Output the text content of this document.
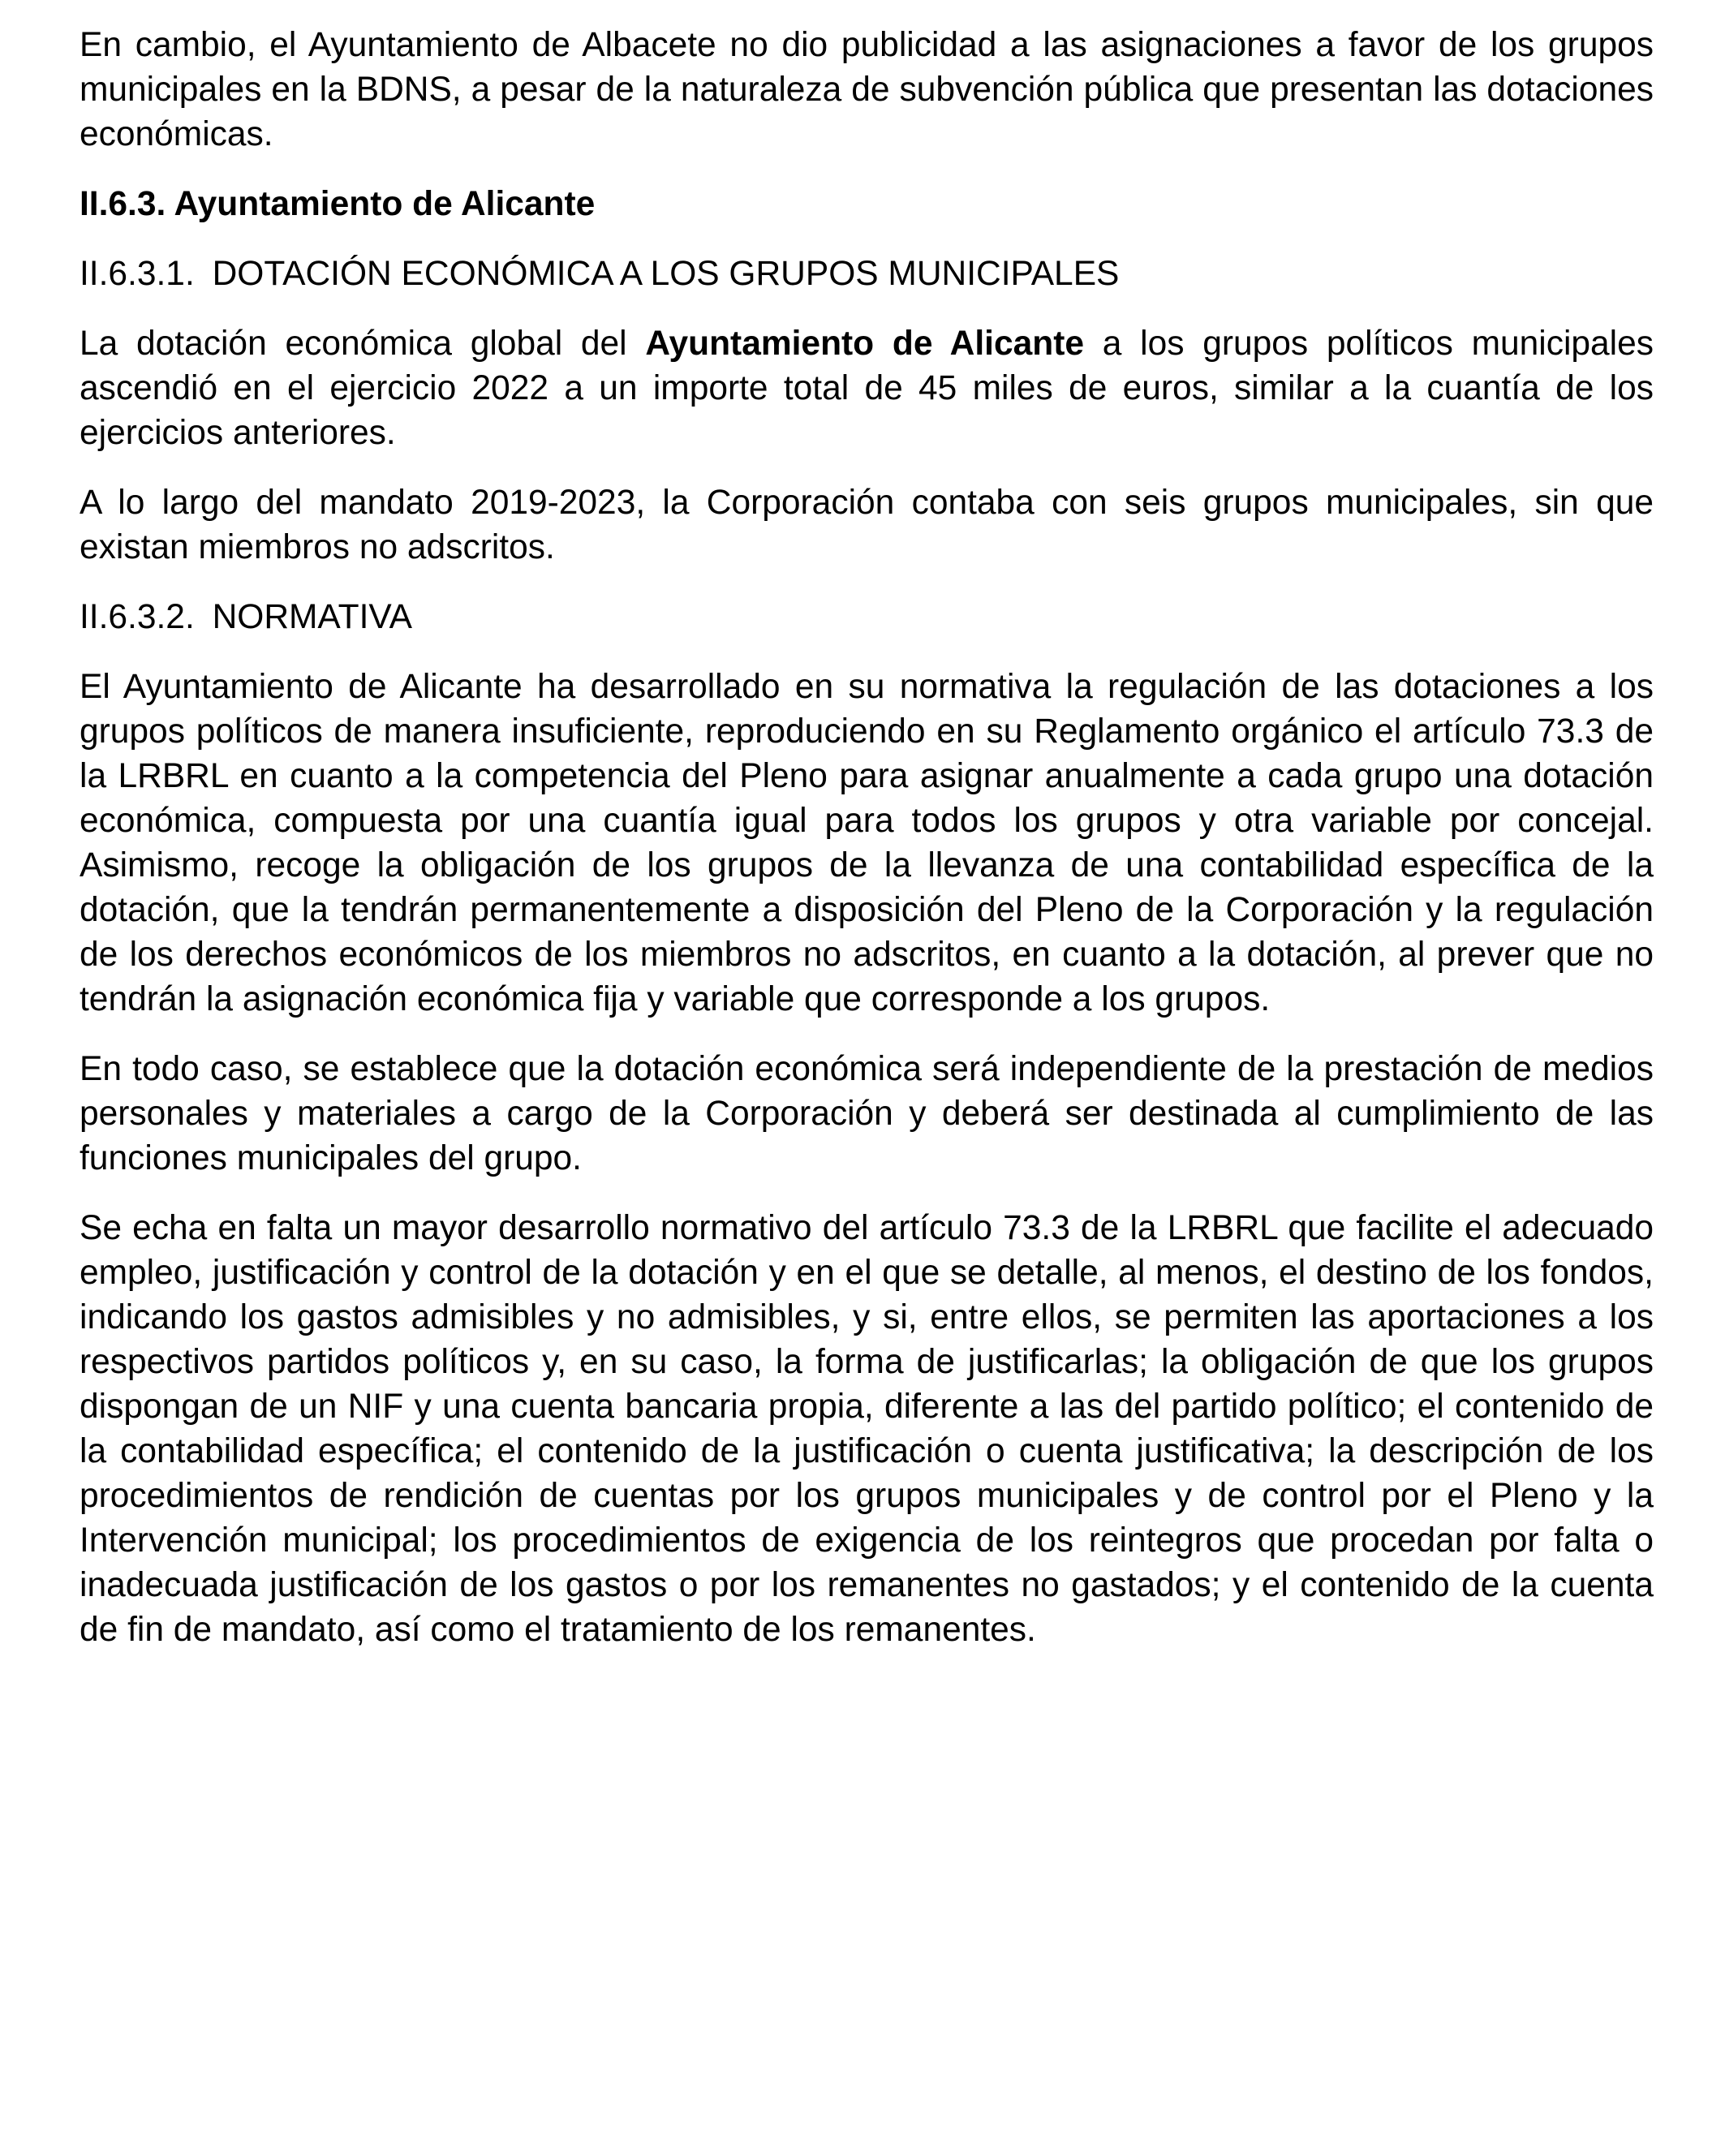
En cambio, el Ayuntamiento de Albacete no dio publicidad a las asignaciones a favor de los grupos municipales en la BDNS, a pesar de la naturaleza de subvención pública que presentan las dotaciones económicas.

II.6.3. Ayuntamiento de Alicante
II.6.3.1. DOTACIÓN ECONÓMICA A LOS GRUPOS MUNICIPALES

La dotación económica global del Ayuntamiento de Alicante a los grupos políticos municipales ascendió en el ejercicio 2022 a un importe total de 45 miles de euros, similar a la cuantía de los ejercicios anteriores.

A lo largo del mandato 2019-2023, la Corporación contaba con seis grupos municipales, sin que existan miembros no adscritos.

II.6.3.2. NORMATIVA

El Ayuntamiento de Alicante ha desarrollado en su normativa la regulación de las dotaciones a los grupos políticos de manera insuficiente, reproduciendo en su Reglamento orgánico el artículo 73.3 de la LRBRL en cuanto a la competencia del Pleno para asignar anualmente a cada grupo una dotación económica, compuesta por una cuantía igual para todos los grupos y otra variable por concejal. Asimismo, recoge la obligación de los grupos de la llevanza de una contabilidad específica de la dotación, que la tendrán permanentemente a disposición del Pleno de la Corporación y la regulación de los derechos económicos de los miembros no adscritos, en cuanto a la dotación, al prever que no tendrán la asignación económica fija y variable que corresponde a los grupos.

En todo caso, se establece que la dotación económica será independiente de la prestación de medios personales y materiales a cargo de la Corporación y deberá ser destinada al cumplimiento de las funciones municipales del grupo.

Se echa en falta un mayor desarrollo normativo del artículo 73.3 de la LRBRL que facilite el adecuado empleo, justificación y control de la dotación y en el que se detalle, al menos, el destino de los fondos, indicando los gastos admisibles y no admisibles, y si, entre ellos, se permiten las aportaciones a los respectivos partidos políticos y, en su caso, la forma de justificarlas; la obligación de que los grupos dispongan de un NIF y una cuenta bancaria propia, diferente a las del partido político; el contenido de la contabilidad específica; el contenido de la justificación o cuenta justificativa; la descripción de los procedimientos de rendición de cuentas por los grupos municipales y de control por el Pleno y la Intervención municipal; los procedimientos de exigencia de los reintegros que procedan por falta o inadecuada justificación de los gastos o por los remanentes no gastados; y el contenido de la cuenta de fin de mandato, así como el tratamiento de los remanentes.
